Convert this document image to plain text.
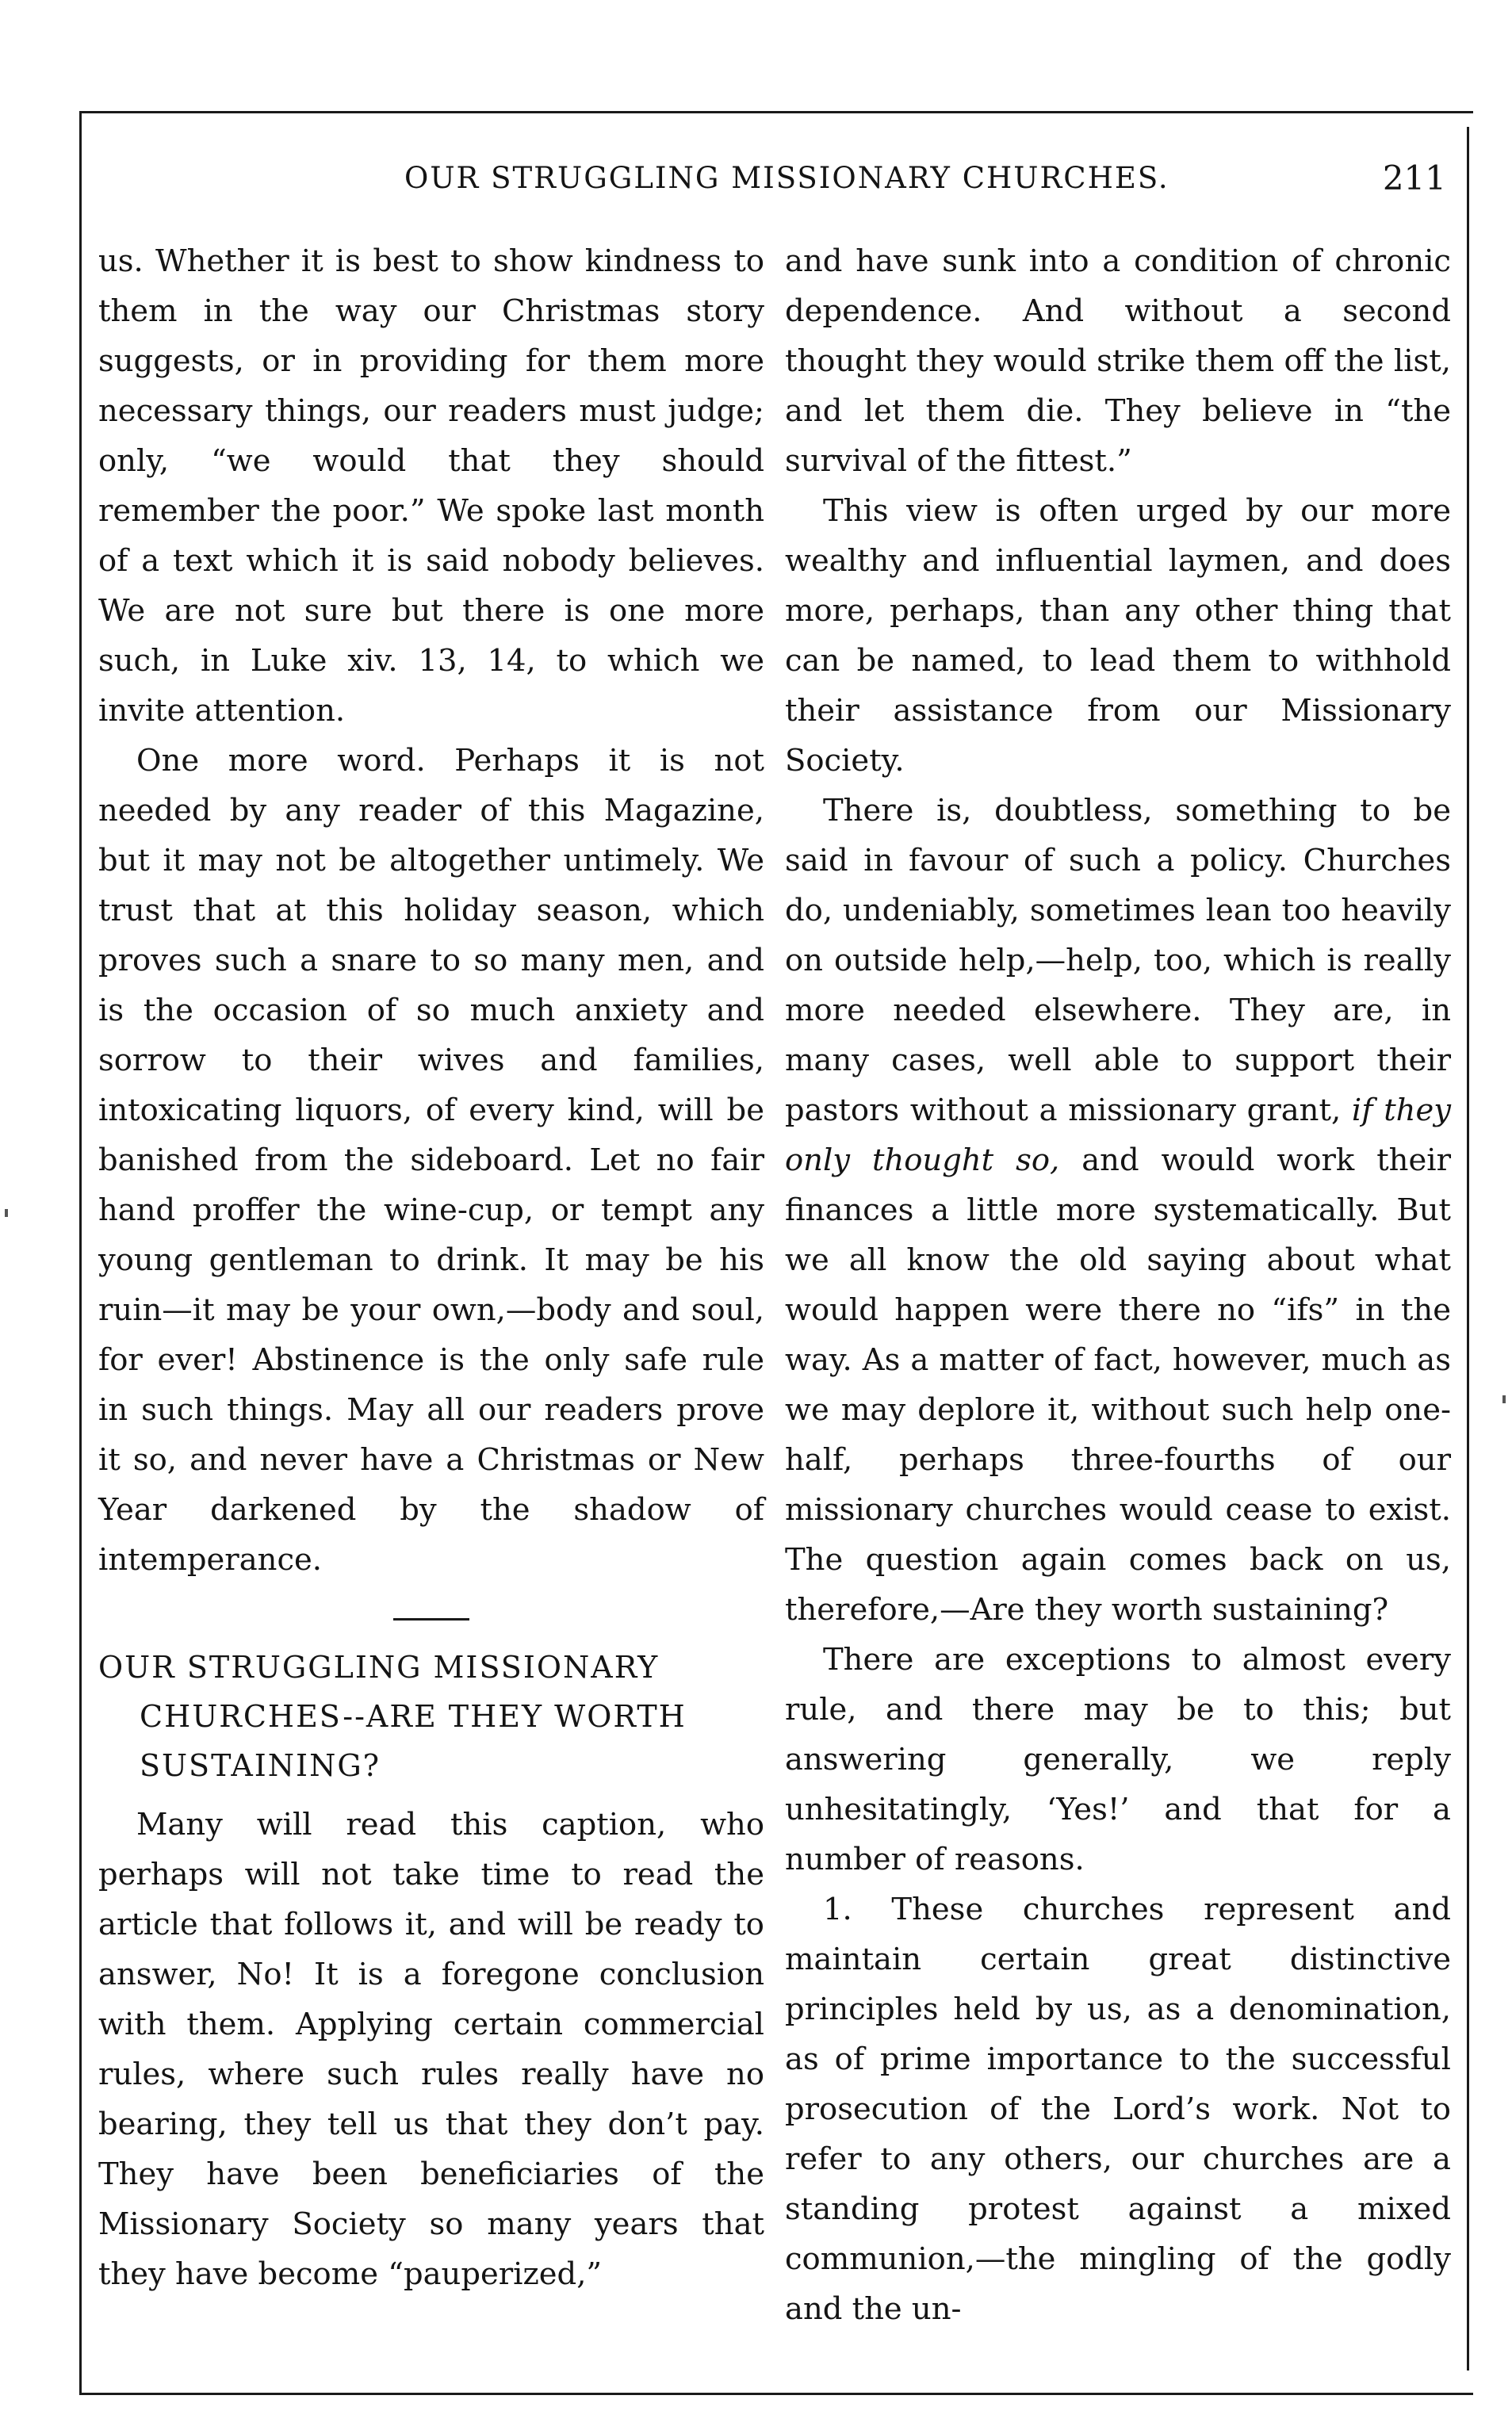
OUR STRUGGLING MISSIONARY CHURCHES.	211

us. Whether it is best to show kindness to them in the way our Christmas story suggests, or in providing for them more necessary things, our readers must judge; only, “we would that they should remember the poor.” We spoke last month of a text which it is said nobody believes. We are not sure but there is one more such, in Luke xiv. 13, 14, to which we invite attention.

One more word. Perhaps it is not needed by any reader of this Magazine, but it may not be altogether untimely. We trust that at this holiday season, which proves such a snare to so many men, and is the occasion of so much anxiety and sorrow to their wives and families, intoxicating liquors, of every kind, will be banished from the sideboard. Let no fair hand proffer the wine-cup, or tempt any young gentleman to drink. It may be his ruin—it may be your own,—body and soul, for ever! Abstinence is the only safe rule in such things. May all our readers prove it so, and never have a Christmas or New Year darkened by the shadow of intemperance.

OUR STRUGGLING MISSIONARY CHURCHES--ARE THEY WORTH SUSTAINING?

Many will read this caption, who perhaps will not take time to read the article that follows it, and will be ready to answer, No! It is a foregone conclusion with them. Applying certain commercial rules, where such rules really have no bearing, they tell us that they don’t pay. They have been beneficiaries of the Missionary Society so many years that they have become “pauperized,”

and have sunk into a condition of chronic dependence. And without a second thought they would strike them off the list, and let them die. They believe in “the survival of the fittest.”

This view is often urged by our more wealthy and influential laymen, and does more, perhaps, than any other thing that can be named, to lead them to withhold their assistance from our Missionary Society.

There is, doubtless, something to be said in favour of such a policy. Churches do, undeniably, sometimes lean too heavily on outside help,—help, too, which is really more needed elsewhere. They are, in many cases, well able to support their pastors without a missionary grant, if they only thought so, and would work their finances a little more systematically. But we all know the old saying about what would happen were there no “ifs” in the way. As a matter of fact, however, much as we may deplore it, without such help one-half, perhaps three-fourths of our missionary churches would cease to exist. The question again comes back on us, therefore,—Are they worth sustaining?

There are exceptions to almost every rule, and there may be to this; but answering generally, we reply unhesitatingly, ‘Yes!’ and that for a number of reasons.

1. These churches represent and maintain certain great distinctive principles held by us, as a denomination, as of prime importance to the successful prosecution of the Lord’s work. Not to refer to any others, our churches are a standing protest against a mixed communion,—the mingling of the godly and the un-
